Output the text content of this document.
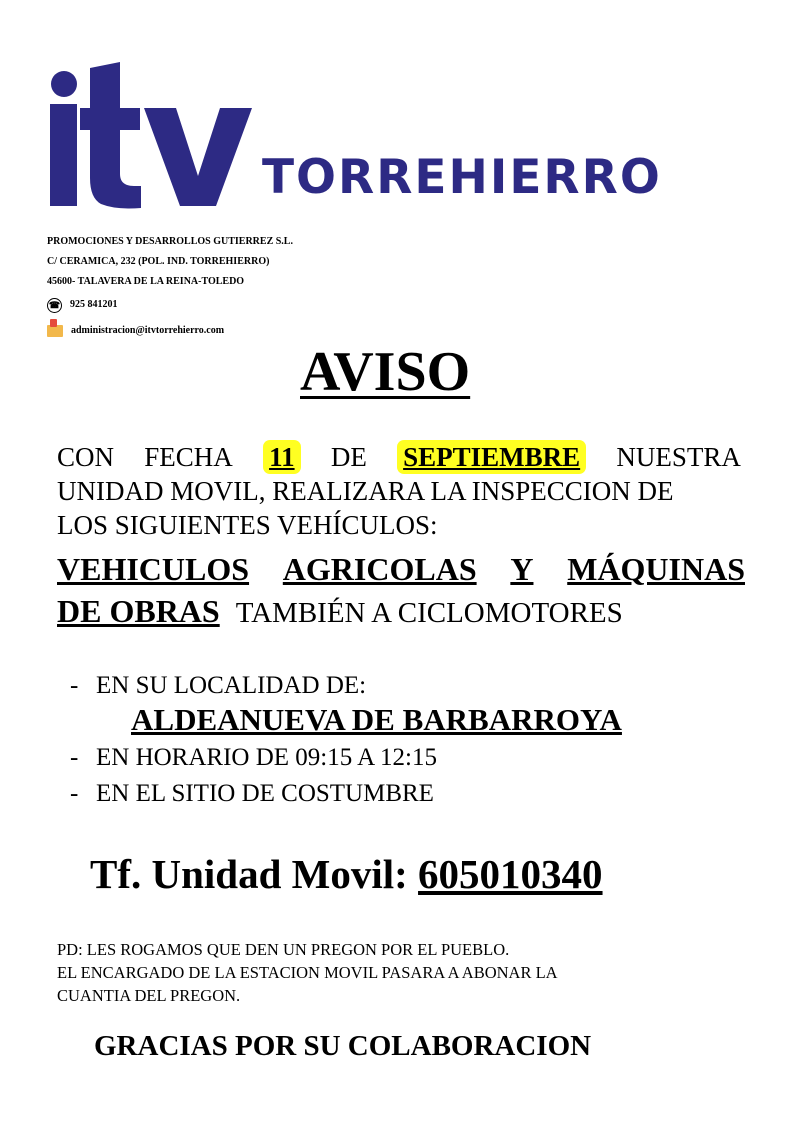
TORREHIERRO
PROMOCIONES Y DESARROLLOS GUTIERREZ S.L.
C/ CERAMICA, 232 (POL. IND. TORREHIERRO)
45600- TALAVERA DE LA REINA-TOLEDO
☎ 925 841201
administracion@itvtorrehierro.com
AVISO
CON FECHA 11 DE SEPTIEMBRE NUESTRA
UNIDAD MOVIL, REALIZARA LA INSPECCION DE
LOS SIGUIENTES VEHÍCULOS:
VEHICULOS AGRICOLAS Y MÁQUINAS
DE OBRAS TAMBIÉN A CICLOMOTORES
- EN SU LOCALIDAD DE:
- EN HORARIO DE 09:15 A 12:15
- EN EL SITIO DE COSTUMBRE
ALDEANUEVA DE BARBARROYA
Tf. Unidad Movil: 605010340
PD: LES ROGAMOS QUE DEN UN PREGON POR EL PUEBLO.
EL ENCARGADO DE LA ESTACION MOVIL PASARA A ABONAR LA
CUANTIA DEL PREGON.
GRACIAS POR SU COLABORACION
